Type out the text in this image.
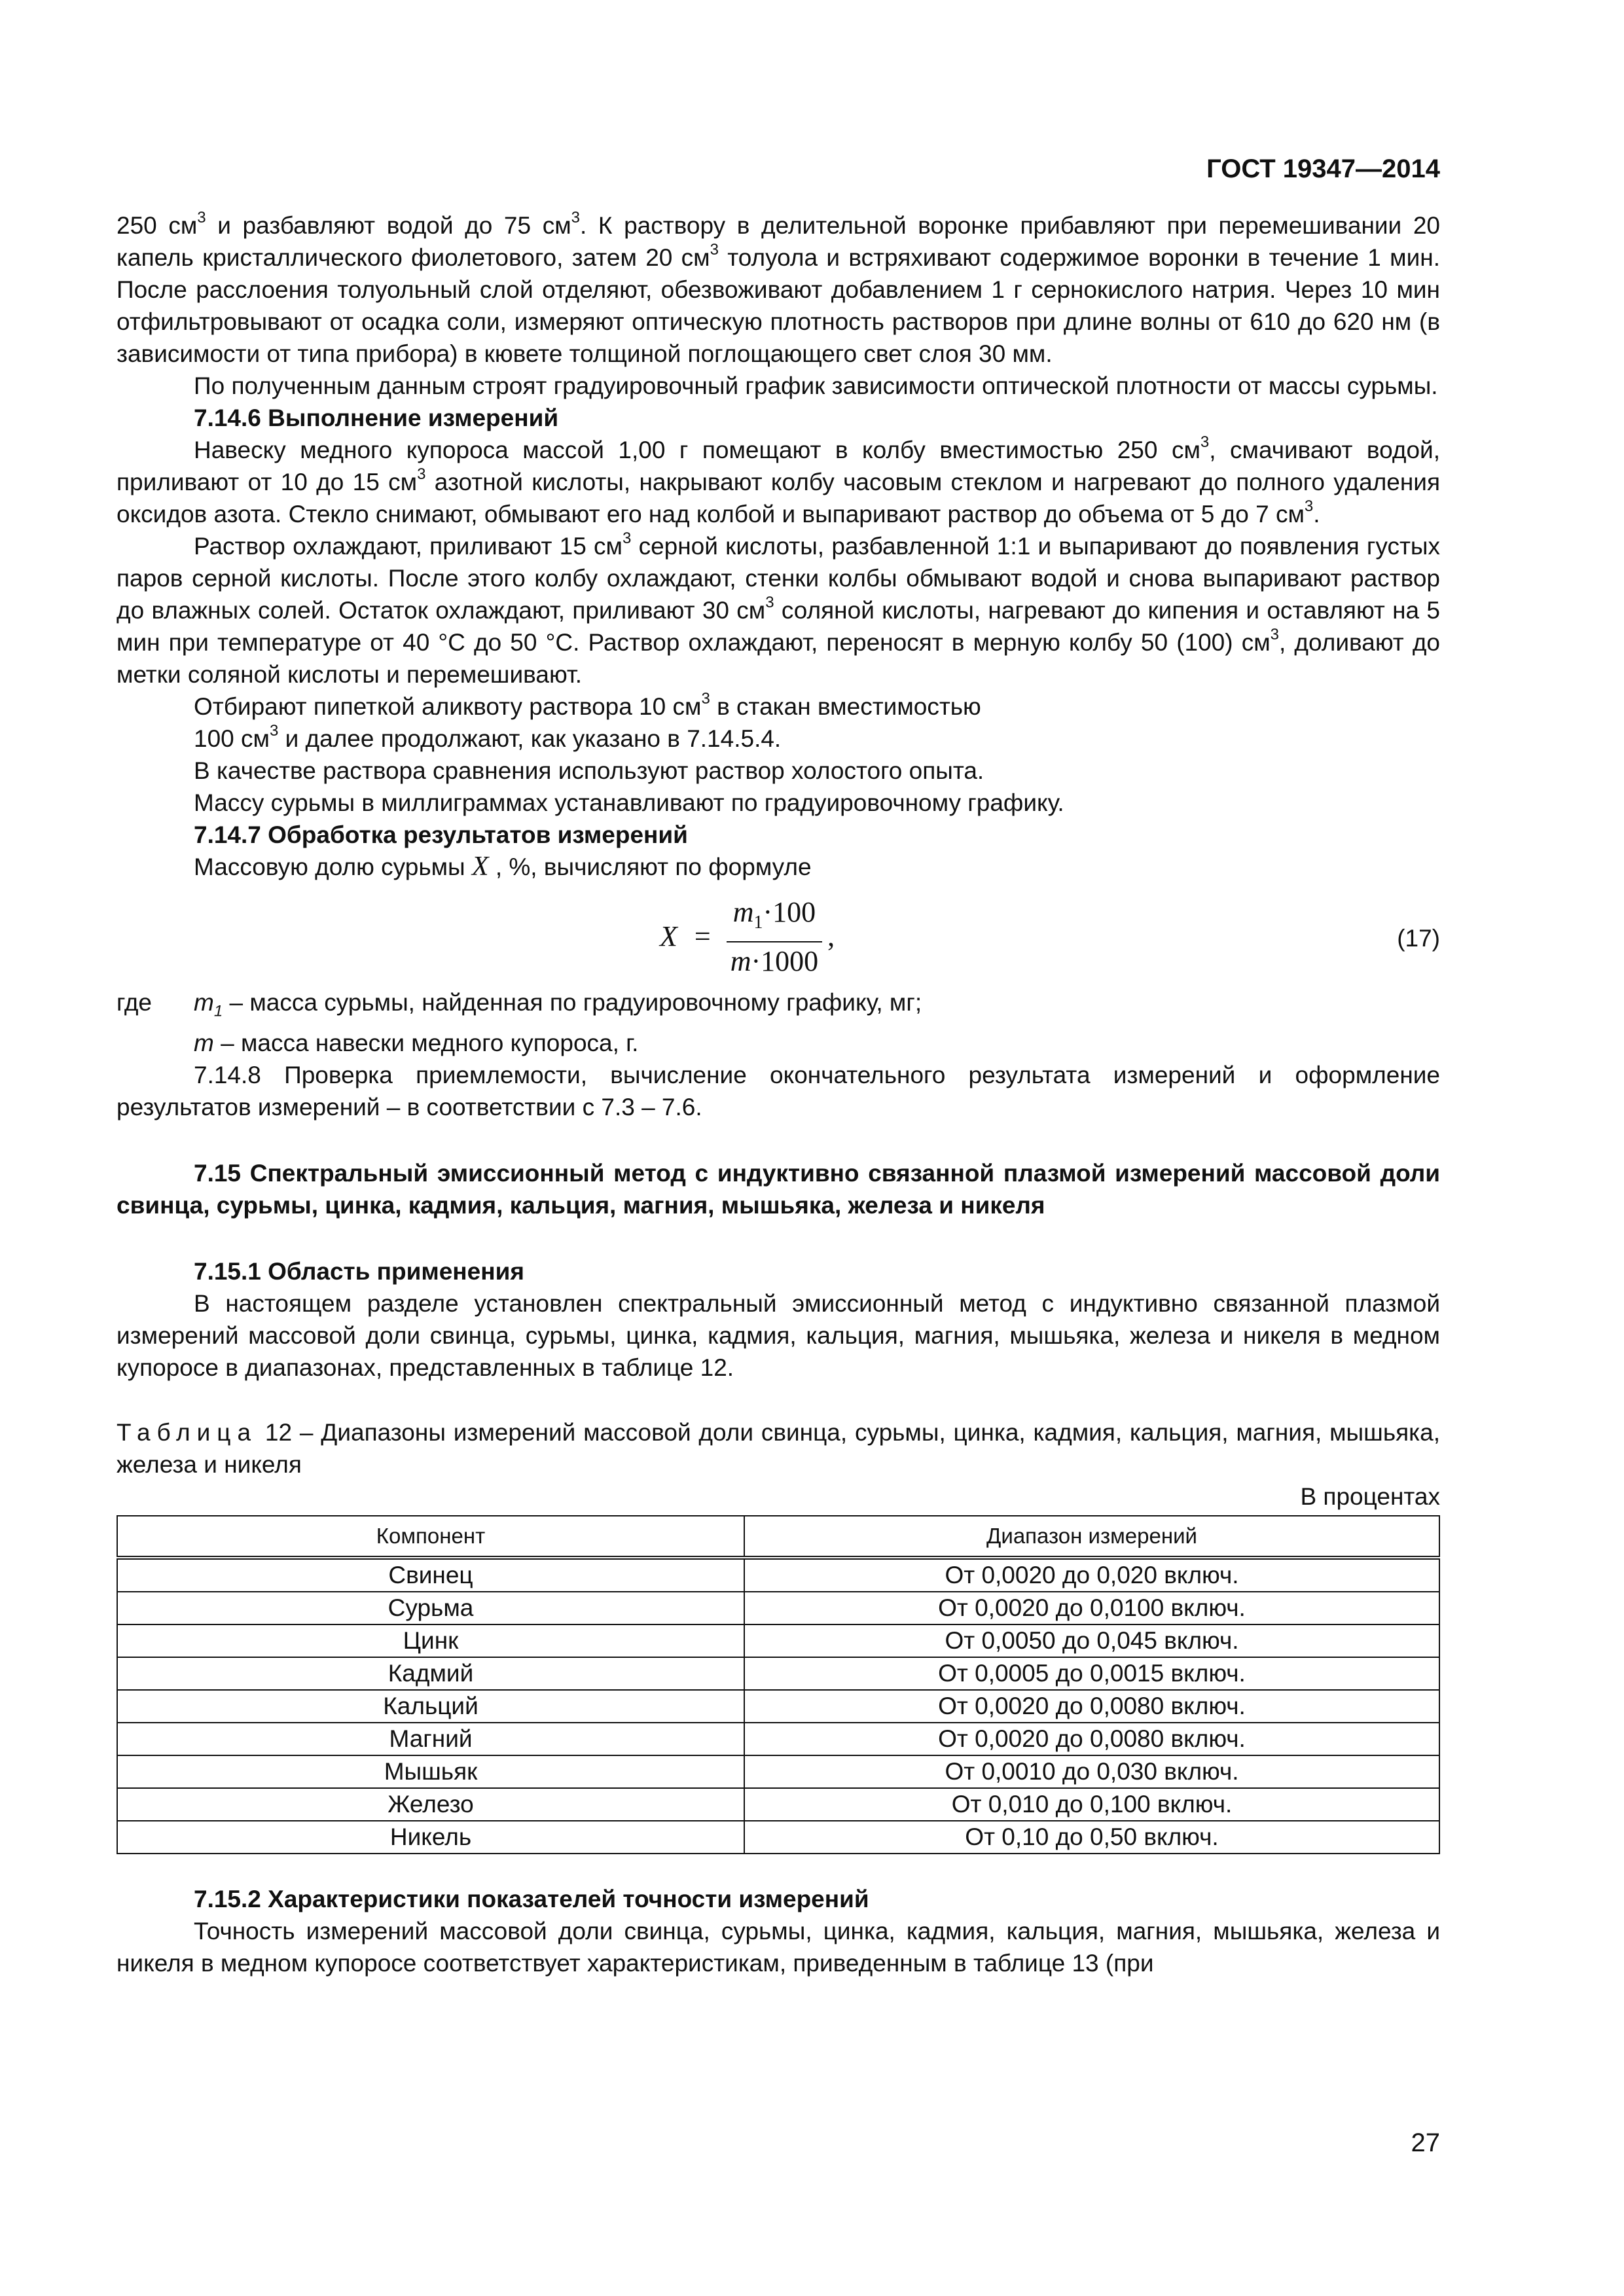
ГОСТ 19347—2014

250 $см^3$ и разбавляют водой до 75 $см^3$. К раствору в делительной воронке прибавляют при перемешивании 20 капель кристаллического фиолетового, затем 20 $см^3$ толуола и встряхивают содержимое воронки в течение 1 мин. После расслоения толуольный слой отделяют, обезвоживают добавлением 1 г сернокислого натрия. Через 10 мин отфильтровывают от осадка соли, измеряют оптическую плотность растворов при длине волны от 610 до 620 нм (в зависимости от типа прибора) в кювете толщиной поглощающего свет слоя 30 мм.

По полученным данным строят градуировочный график зависимости оптической плотности от массы сурьмы.

7.14.6 Выполнение измерений

Навеску медного купороса массой 1,00 г помещают в колбу вместимостью 250 $см^3$, смачивают водой, приливают от 10 до 15 $см^3$ азотной кислоты, накрывают колбу часовым стеклом и нагревают до полного удаления оксидов азота. Стекло снимают, обмывают его над колбой и выпаривают раствор до объема от 5 до 7 $см^3$.

Раствор охлаждают, приливают 15 $см^3$ серной кислоты, разбавленной 1:1 и выпаривают до появления густых паров серной кислоты. После этого колбу охлаждают, стенки колбы обмывают водой и снова выпаривают раствор до влажных солей. Остаток охлаждают, приливают 30 $см^3$ соляной кислоты, нагревают до кипения и оставляют на 5 мин при температуре от 40 °С до 50 °С. Раствор охлаждают, переносят в мерную колбу 50 (100) $см^3$, доливают до метки соляной кислоты и перемешивают.

Отбирают пипеткой аликвоту раствора 10 $см^3$ в стакан вместимостью

100 $см^3$ и далее продолжают, как указано в 7.14.5.4.

В качестве раствора сравнения используют раствор холостого опыта.

Массу сурьмы в миллиграммах устанавливают по градуировочному графику.

7.14.7 Обработка результатов измерений

Массовую долю сурьмы X , %, вычисляют по формуле

$X = \frac{m_1\cdot 100}{m\cdot 1000}$ ,	(17)
где	$m_1$ – масса сурьмы, найденная по градуировочному графику, мг;

m – масса навески медного купороса, г.

7.14.8 Проверка приемлемости, вычисление окончательного результата измерений и оформление результатов измерений – в соответствии с 7.3 – 7.6.

7.15 Спектральный эмиссионный метод с индуктивно связанной плазмой измерений массовой доли свинца, сурьмы, цинка, кадмия, кальция, магния, мышьяка, железа и никеля

7.15.1 Область применения

В настоящем разделе установлен спектральный эмиссионный метод с индуктивно связанной плазмой измерений массовой доли свинца, сурьмы, цинка, кадмия, кальция, магния, мышьяка, железа и никеля в медном купоросе в диапазонах, представленных в таблице 12.

Таблица 12 – Диапазоны измерений массовой доли свинца, сурьмы, цинка, кадмия, кальция, магния, мышьяка, железа и никеля

В процентах

Компонент	Диапазон измерений
Свинец	От 0,0020 до 0,020 включ.
Сурьма	От 0,0020 до 0,0100 включ.
Цинк	От 0,0050 до 0,045 включ.
Кадмий	От 0,0005 до 0,0015 включ.
Кальций	От 0,0020 до 0,0080 включ.
Магний	От 0,0020 до 0,0080 включ.
Мышьяк	От 0,0010 до 0,030 включ.
Железо	От 0,010 до 0,100 включ.
Никель	От 0,10 до 0,50 включ.

7.15.2 Характеристики показателей точности измерений

Точность измерений массовой доли свинца, сурьмы, цинка, кадмия, кальция, магния, мышьяка, железа и никеля в медном купоросе соответствует характеристикам, приведенным в таблице 13 (при

27
